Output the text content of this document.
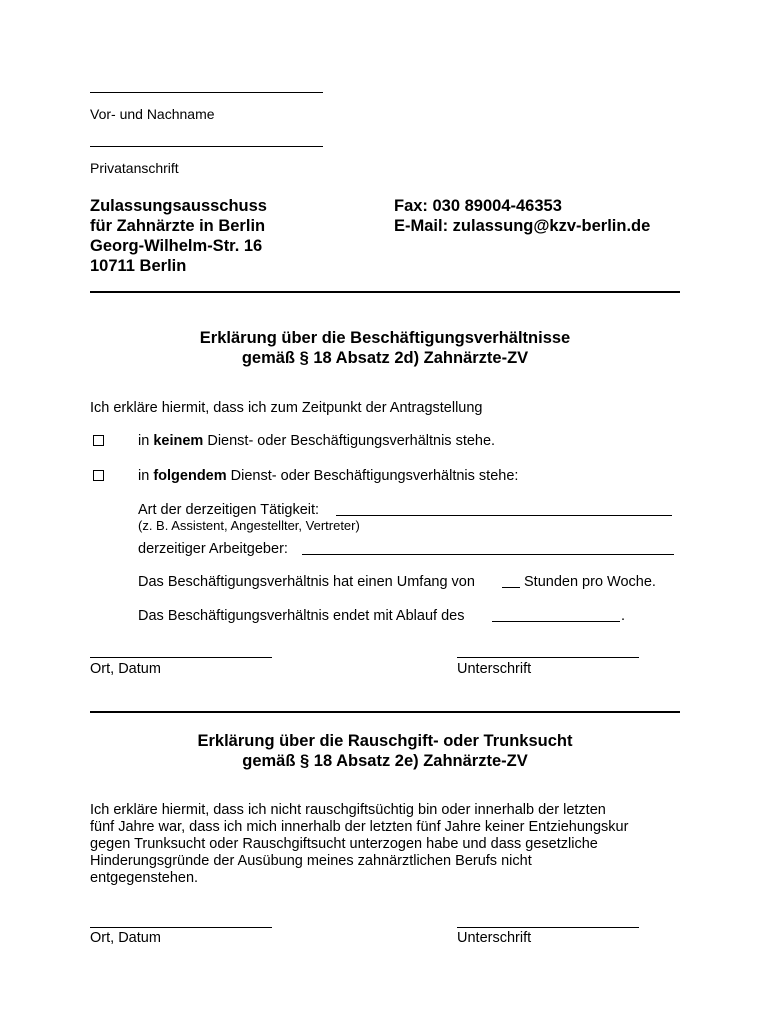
Vor- und Nachname
Privatanschrift
Zulassungsausschuss
für Zahnärzte in Berlin
Georg-Wilhelm-Str. 16
10711 Berlin
Fax: 030 89004-46353
E-Mail: zulassung@kzv-berlin.de
Erklärung über die Beschäftigungsverhältnisse
gemäß § 18 Absatz 2d) Zahnärzte-ZV
Ich erkläre hiermit, dass ich zum Zeitpunkt der Antragstellung
in keinem Dienst- oder Beschäftigungsverhältnis stehe.
in folgendem Dienst- oder Beschäftigungsverhältnis stehe:
Art der derzeitigen Tätigkeit:
(z. B. Assistent, Angestellter, Vertreter)
derzeitiger Arbeitgeber:
Das Beschäftigungsverhältnis hat einen Umfang von	Stunden pro Woche.
Das Beschäftigungsverhältnis endet mit Ablauf des	.
Ort, Datum	Unterschrift
Erklärung über die Rauschgift- oder Trunksucht
gemäß § 18 Absatz 2e) Zahnärzte-ZV
Ich erkläre hiermit, dass ich nicht rauschgiftsüchtig bin oder innerhalb der letzten
fünf Jahre war, dass ich mich innerhalb der letzten fünf Jahre keiner Entziehungskur
gegen Trunksucht oder Rauschgiftsucht unterzogen habe und dass gesetzliche
Hinderungsgründe der Ausübung meines zahnärztlichen Berufs nicht
entgegenstehen.
Ort, Datum	Unterschrift
